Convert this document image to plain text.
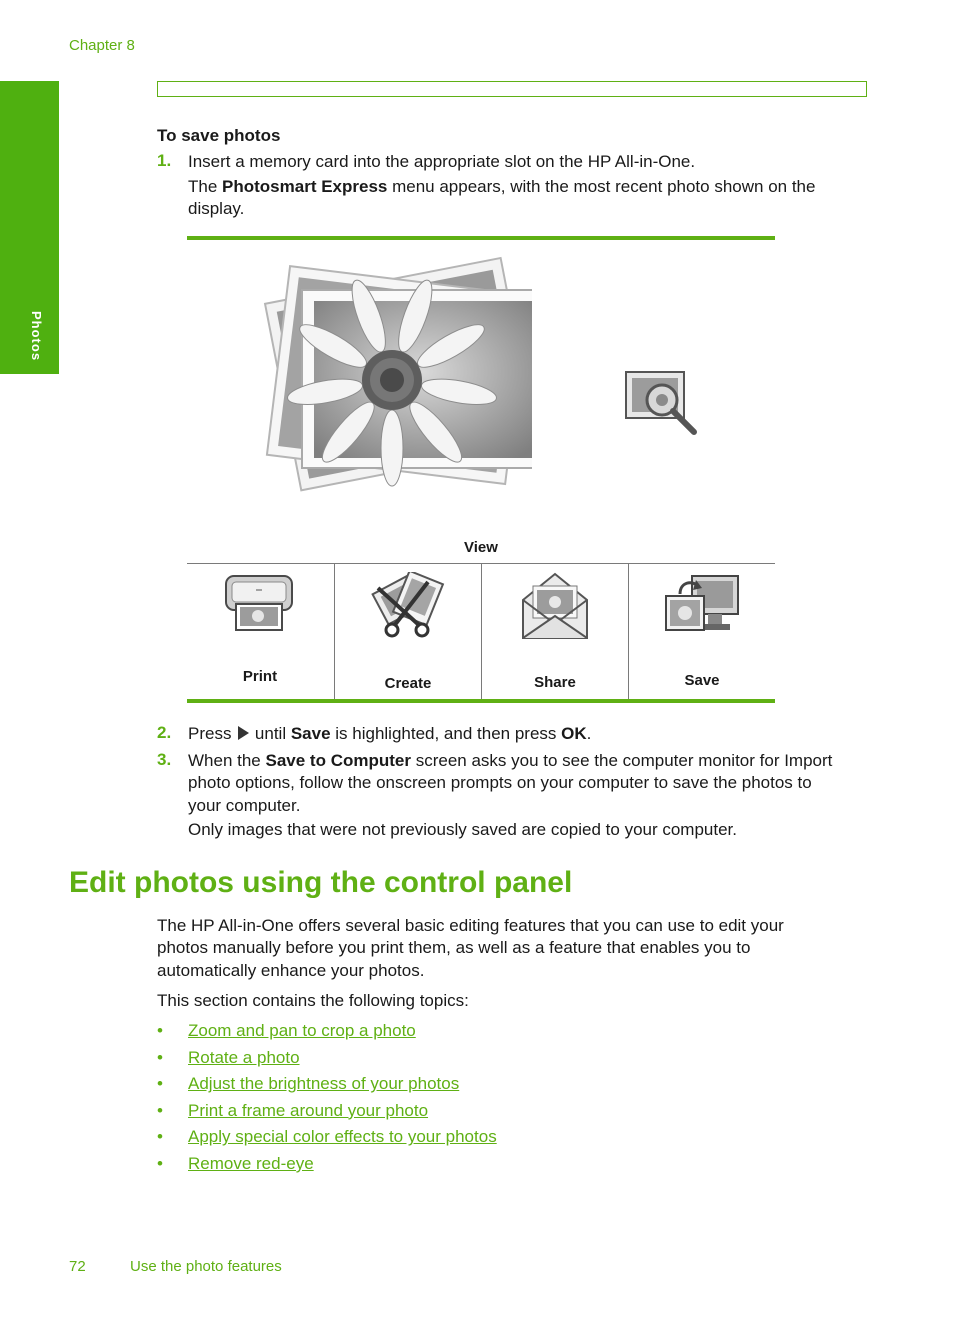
Chapter 8
Photos
To save photos
1. Insert a memory card into the appropriate slot on the HP All-in-One.
The Photosmart Express menu appears, with the most recent photo shown on the
display.
View
Print	Create	Share	Save
2. Press  until Save is highlighted, and then press OK.
3. When the Save to Computer screen asks you to see the computer monitor for Import
photo options, follow the onscreen prompts on your computer to save the photos to
your computer.
Only images that were not previously saved are copied to your computer.
Edit photos using the control panel
The HP All-in-One offers several basic editing features that you can use to edit your
photos manually before you print them, as well as a feature that enables you to
automatically enhance your photos.
This section contains the following topics:
• Zoom and pan to crop a photo
• Rotate a photo
• Adjust the brightness of your photos
• Print a frame around your photo
• Apply special color effects to your photos
• Remove red-eye
72	Use the photo features
